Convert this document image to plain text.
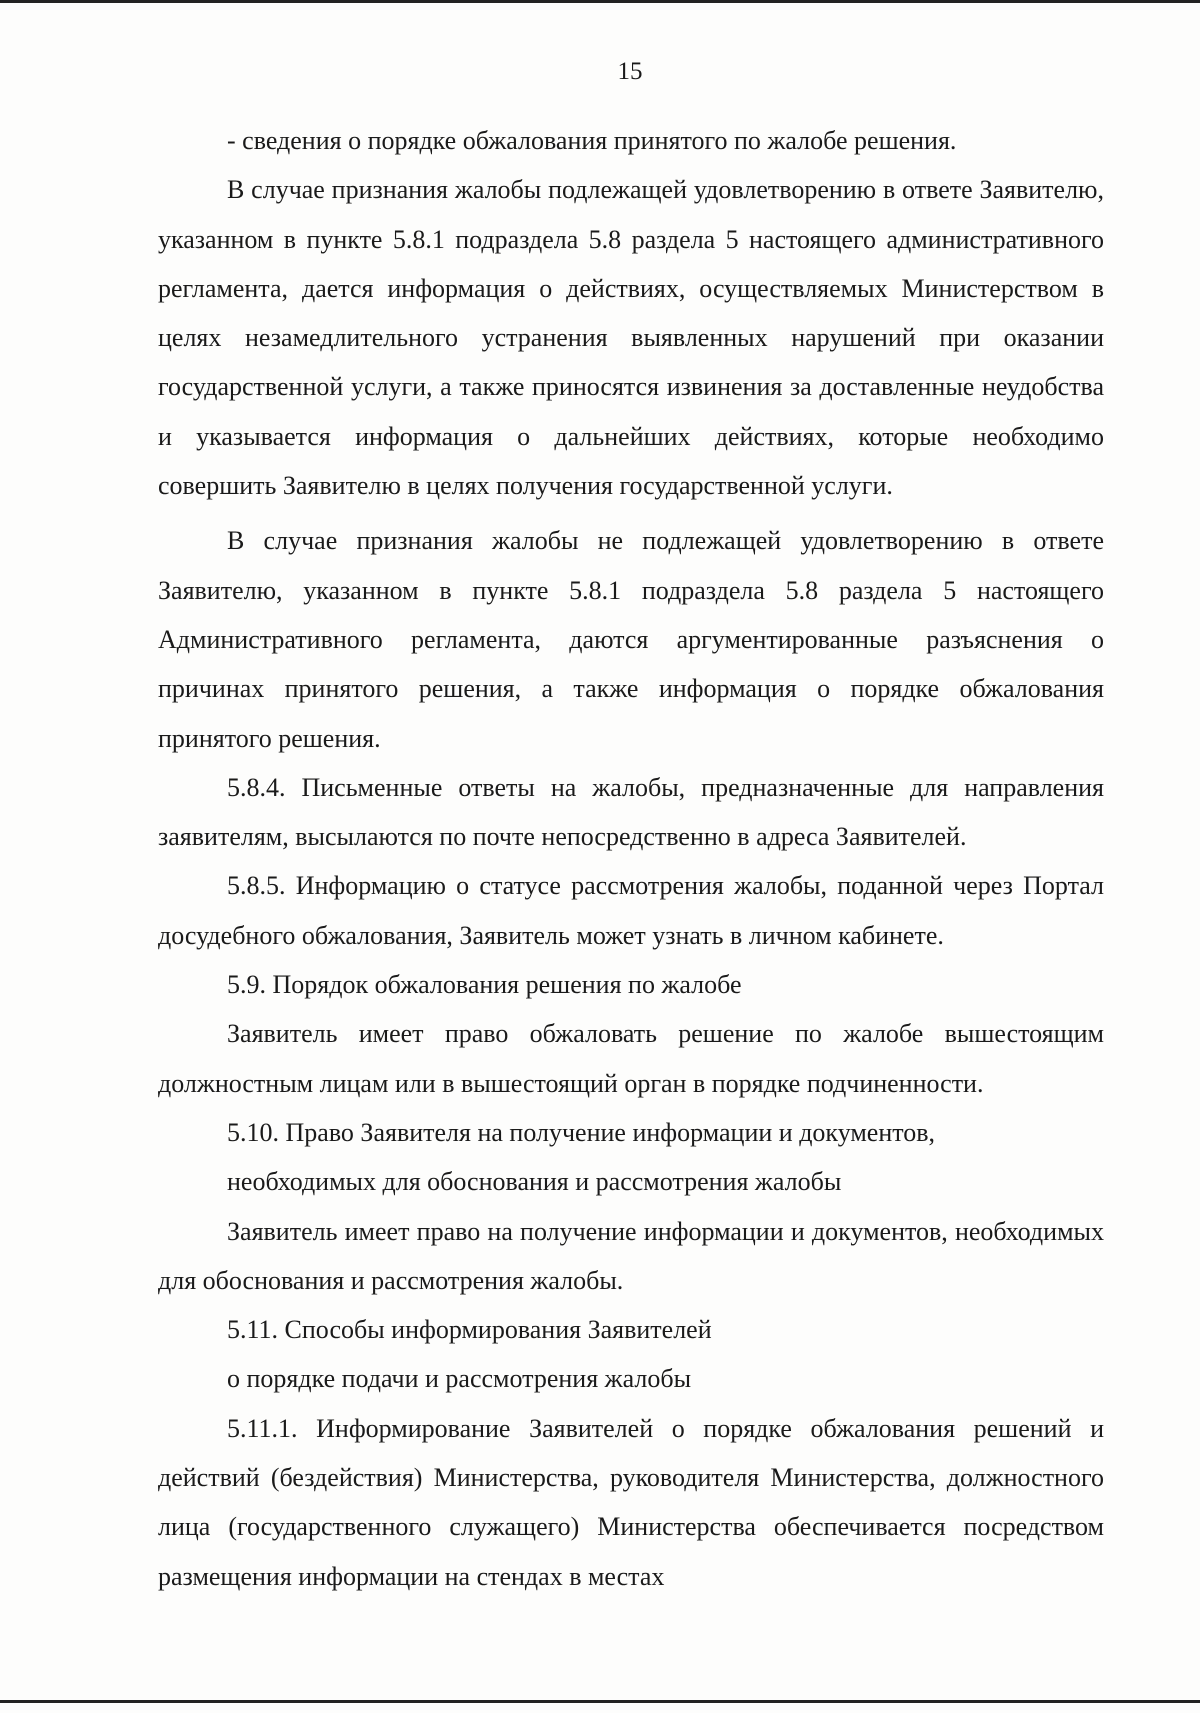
15

- сведения о порядке обжалования принятого по жалобе решения.

В случае признания жалобы подлежащей удовлетворению в ответе Заявителю, указанном в пункте 5.8.1 подраздела 5.8 раздела 5 настоящего административного регламента, дается информация о действиях, осуществляемых Министерством в целях незамедлительного устранения выявленных нарушений при оказании государственной услуги, а также приносятся извинения за доставленные неудобства и указывается информация о дальнейших действиях, которые необходимо совершить Заявителю в целях получения государственной услуги.

В случае признания жалобы не подлежащей удовлетворению в ответе Заявителю, указанном в пункте 5.8.1 подраздела 5.8 раздела 5 настоящего Административного регламента, даются аргументированные разъяснения о причинах принятого решения, а также информация о порядке обжалования принятого решения.

5.8.4. Письменные ответы на жалобы, предназначенные для направления заявителям, высылаются по почте непосредственно в адреса Заявителей.

5.8.5. Информацию о статусе рассмотрения жалобы, поданной через Портал досудебного обжалования, Заявитель может узнать в личном кабинете.

5.9. Порядок обжалования решения по жалобе

Заявитель имеет право обжаловать решение по жалобе вышестоящим должностным лицам или в вышестоящий орган в порядке подчиненности.

5.10. Право Заявителя на получение информации и документов,

необходимых для обоснования и рассмотрения жалобы

Заявитель имеет право на получение информации и документов, необходимых для обоснования и рассмотрения жалобы.

5.11. Способы информирования Заявителей

о порядке подачи и рассмотрения жалобы

5.11.1. Информирование Заявителей о порядке обжалования решений и действий (бездействия) Министерства, руководителя Министерства, должностного лица (государственного служащего) Министерства обеспечивается посредством размещения информации на стендах в местах
